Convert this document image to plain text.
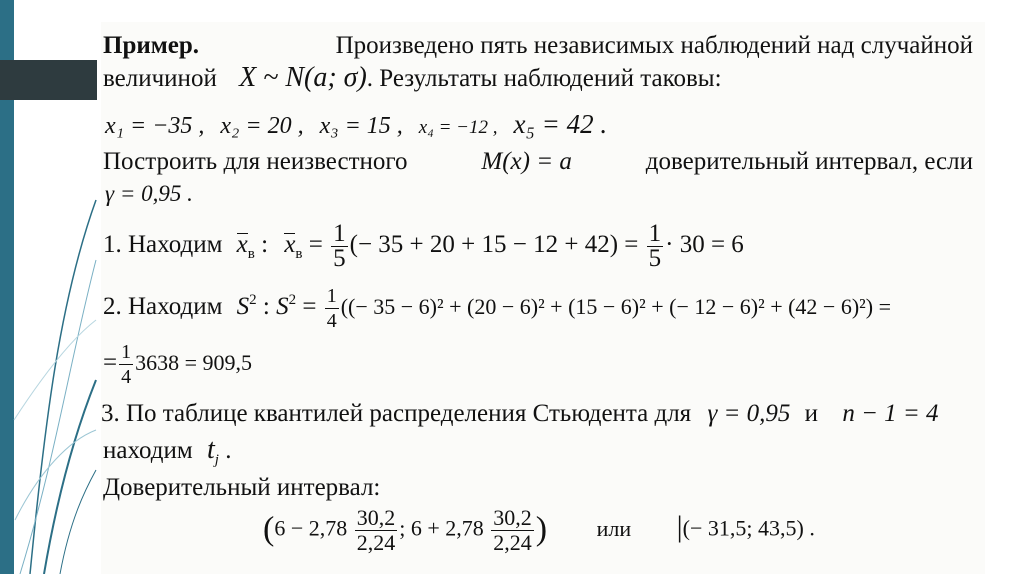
Пример.	Произведено пять независимых наблюдений над случайной
величиной X ~ N(a; σ). Результаты наблюдений таковы:
x₁ = −35 , x₂ = 20 , x₃ = 15 , x₄ = −12 , x₅ = 42 .
Построить для неизвестного	M(x) = a	доверительный интервал, если
γ = 0,95 .
1. Находим $x_в$ : $x_в = \frac{1}{5}$ (− $35 + 20 + 15 - 12 + 42) = \frac{1}{5} \cdot 30 = 6$
2. Находим $S^2$ : $S^2 = \frac{1}{4}$ ((− 35 − 6)² + (20 − 6)² + (15 − 6)² + (− 12 − 6)² + (42 − 6)²) =
= $\frac{1}{4} 3638 = 909,5$
3. По таблице квантилей распределения Стьюдента для γ = 0,95 и n − 1 = 4
находим $t_j$ .
Доверительный интервал:
($6 - 2,78 \frac{30,2}{2,24}$ ; $6 + 2,78 \frac{30,2}{2,24}$ ) или |(− 31,5; 43,5) .
